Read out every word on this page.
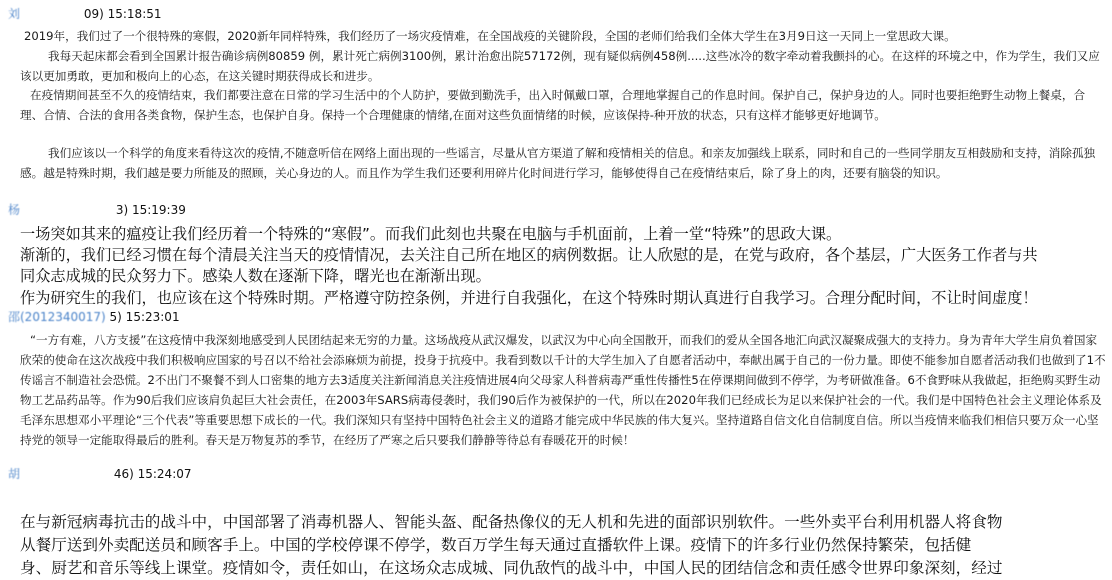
刘	09) 15:18:51

2019年，我们过了一个很特殊的寒假，2020新年同样特殊，我们经历了一场灾疫情难，在全国战疫的关键阶段，全国的老师们给我们全体大学生在3月9日这一天同上一堂思政大课。

我每天起床都会看到全国累计报告确诊病例80859 例，累计死亡病例3100例，累计治愈出院57172例，现有疑似病例458例.....这些冰冷的数字牵动着我颤抖的心。在这样的环境之中，作为学生，我们又应该以更加勇敢，更加和极向上的心态，在这关键时期获得成长和进步。

在疫情期间甚至不久的疫情结束，我们都要注意在日常的学习生活中的个人防护，要做到勤洗手，出入时佩戴口罩，合理地掌握自己的作息时间。保护自己，保护身边的人。同时也要拒绝野生动物上餐桌，合理、合情、合法的食用各类食物，保护生态，也保护自身。保持一个合理健康的情绪,在面对这些负面情绪的时候，应该保持-种开放的状态，只有这样才能够更好地调节。

我们应该以一个科学的角度来看待这次的疫情,不随意听信在网络上面出现的一些谣言，尽量从官方渠道了解和疫情相关的信息。和亲友加强线上联系，同时和自己的一些同学朋友互相鼓励和支持，消除孤独感。越是特殊时期，我们越是要力所能及的照顾，关心身边的人。而且作为学生我们还要利用碎片化时间进行学习，能够使得自己在疫情结束后，除了身上的肉，还要有脑袋的知识。

杨	3) 15:19:39

一场突如其来的瘟疫让我们经历着一个特殊的“寒假”。而我们此刻也共聚在电脑与手机面前，上着一堂“特殊”的思政大课。

渐渐的，我们已经习惯在每个清晨关注当天的疫情情况，去关注自己所在地区的病例数据。让人欣慰的是，在党与政府，各个基层，广大医务工作者与共

同众志成城的民众努力下。感染人数在逐渐下降，曙光也在渐渐出现。

作为研究生的我们，也应该在这个特殊时期。严格遵守防控条例，并进行自我强化，在这个特殊时期认真进行自我学习。合理分配时间，不让时间虚度！

邵(2012340017) 5) 15:23:01

“一方有难，八方支援”在这疫情中我深刻地感受到人民团结起来无穷的力量。这场战疫从武汉爆发，以武汉为中心向全国散开，而我们的爱从全国各地汇向武汉凝聚成强大的支持力。身为青年大学生肩负着国家欣荣的使命在这次战疫中我们积极响应国家的号召以不给社会添麻烦为前提，投身于抗疫中。我看到数以千计的大学生加入了自愿者活动中，奉献出属于自己的一份力量。即使不能参加自愿者活动我们也做到了1不传谣言不制造社会恐慌。2不出门不聚餐不到人口密集的地方去3适度关注新闻消息关注疫情进展4向父母家人科普病毒严重性传播性5在停课期间做到不停学，为考研做准备。6不食野味从我做起，拒绝购买野生动物工艺品药品等。作为90后我们应该肩负起巨大社会责任，在2003年SARS病毒侵袭时，我们90后作为被保护的一代，所以在2020年我们已经成长为足以来保护社会的一代。我们是中国特色社会主义理论体系及毛泽东思想邓小平理论“三个代表”等重要思想下成长的一代。我们深知只有坚持中国特色社会主义的道路才能完成中华民族的伟大复兴。坚持道路自信文化自信制度自信。所以当疫情来临我们相信只要万众一心坚持党的领导一定能取得最后的胜利。春天是万物复苏的季节，在经历了严寒之后只要我们静静等待总有春暖花开的时候！

胡	46) 15:24:07

在与新冠病毒抗击的战斗中，中国部署了消毒机器人、智能头盔、配备热像仪的无人机和先进的面部识别软件。一些外卖平台利用机器人将食物

从餐厅送到外卖配送员和顾客手上。中国的学校停课不停学，数百万学生每天通过直播软件上课。疫情下的许多行业仍然保持繁荣，包括健

身、厨艺和音乐等线上课堂。疫情如令，责任如山，在这场众志成城、同仇敌忾的战斗中，中国人民的团结信念和责任感令世界印象深刻，经过
